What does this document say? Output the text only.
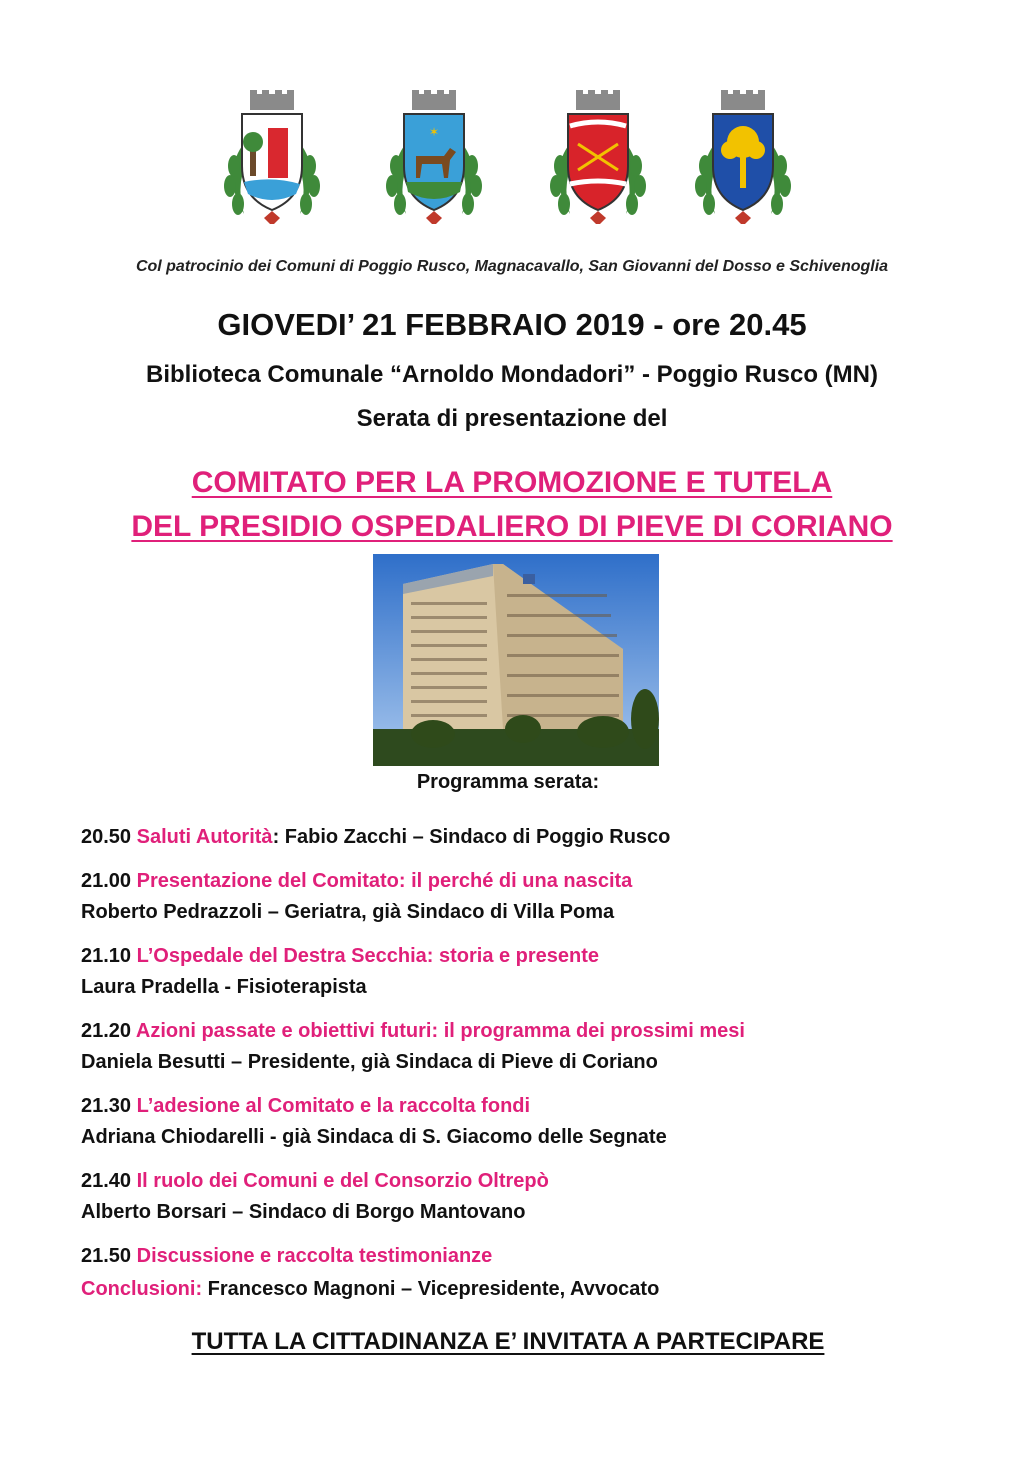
✶
Col patrocinio dei Comuni di Poggio Rusco, Magnacavallo, San Giovanni del Dosso e Schivenoglia
GIOVEDI’ 21 FEBBRAIO 2019 - ore 20.45
Biblioteca Comunale “Arnoldo Mondadori” - Poggio Rusco (MN)
Serata di presentazione del
COMITATO PER LA PROMOZIONE E TUTELA
DEL PRESIDIO OSPEDALIERO DI PIEVE DI CORIANO
Programma serata:
20.50 Saluti Autorità: Fabio Zacchi – Sindaco di Poggio Rusco
21.00 Presentazione del Comitato: il perché di una nascita
Roberto Pedrazzoli – Geriatra, già Sindaco di Villa Poma
21.10 L’Ospedale del Destra Secchia: storia e presente
Laura Pradella - Fisioterapista
21.20 Azioni passate e obiettivi futuri: il programma dei prossimi mesi
Daniela Besutti – Presidente, già Sindaca di Pieve di Coriano
21.30 L’adesione al Comitato e la raccolta fondi
Adriana Chiodarelli - già Sindaca di S. Giacomo delle Segnate
21.40 Il ruolo dei Comuni e del Consorzio Oltrepò
Alberto Borsari – Sindaco di Borgo Mantovano
21.50 Discussione e raccolta testimonianze
Conclusioni: Francesco Magnoni – Vicepresidente, Avvocato
TUTTA LA CITTADINANZA E’ INVITATA A PARTECIPARE
